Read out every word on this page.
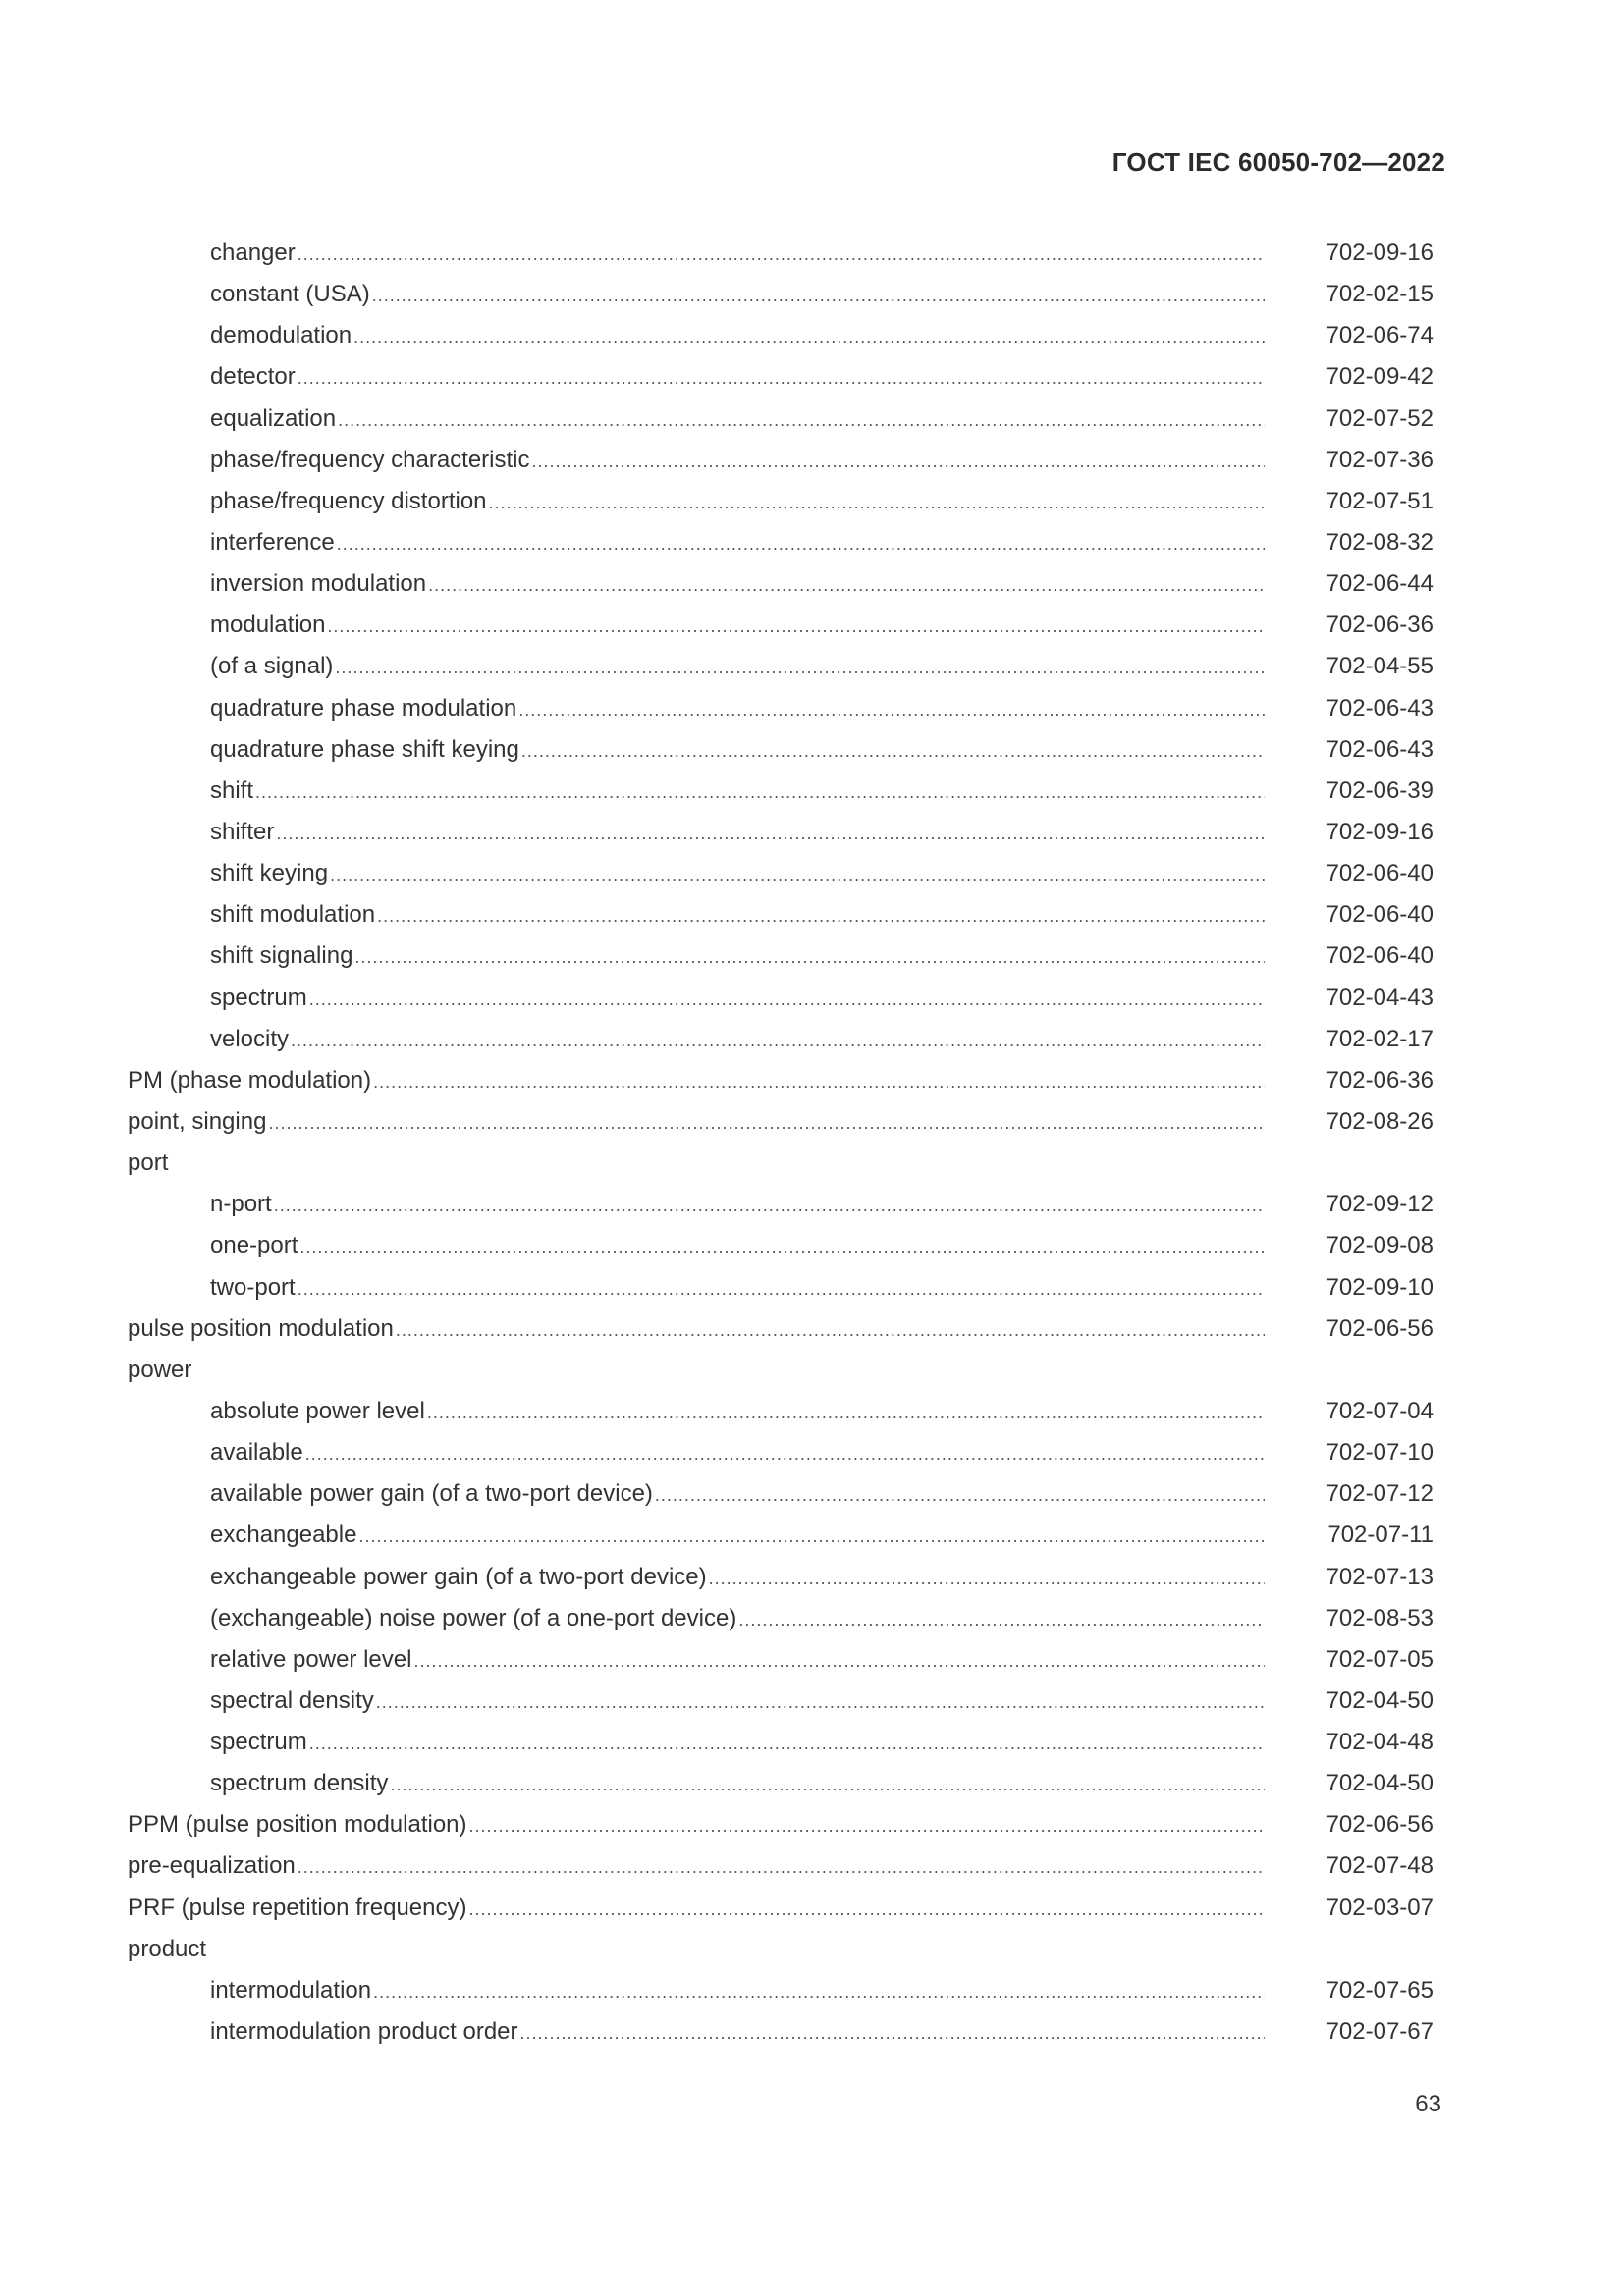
ГОСТ IEC 60050-702—2022
changer .....	702-09-16
constant (USA) .....	702-02-15
demodulation .....	702-06-74
detector .....	702-09-42
equalization .....	702-07-52
phase/frequency characteristic .....	702-07-36
phase/frequency distortion .....	702-07-51
interference .....	702-08-32
inversion modulation .....	702-06-44
modulation .....	702-06-36
(of a signal) .....	702-04-55
quadrature phase modulation .....	702-06-43
quadrature phase shift keying .....	702-06-43
shift .....	702-06-39
shifter .....	702-09-16
shift keying .....	702-06-40
shift modulation .....	702-06-40
shift signaling .....	702-06-40
spectrum .....	702-04-43
velocity .....	702-02-17
PM (phase modulation) .....	702-06-36
point, singing .....	702-08-26
port
n-port .....	702-09-12
one-port .....	702-09-08
two-port .....	702-09-10
pulse position modulation .....	702-06-56
power
absolute power level .....	702-07-04
available .....	702-07-10
available power gain (of a two-port device) .....	702-07-12
exchangeable .....	702-07-11
exchangeable power gain (of a two-port device) .....	702-07-13
(exchangeable) noise power (of a one-port device) .....	702-08-53
relative power level .....	702-07-05
spectral density .....	702-04-50
spectrum .....	702-04-48
spectrum density .....	702-04-50
PPM (pulse position modulation) .....	702-06-56
pre-equalization .....	702-07-48
PRF (pulse repetition frequency) .....	702-03-07
product
intermodulation .....	702-07-65
intermodulation product order .....	702-07-67
63
